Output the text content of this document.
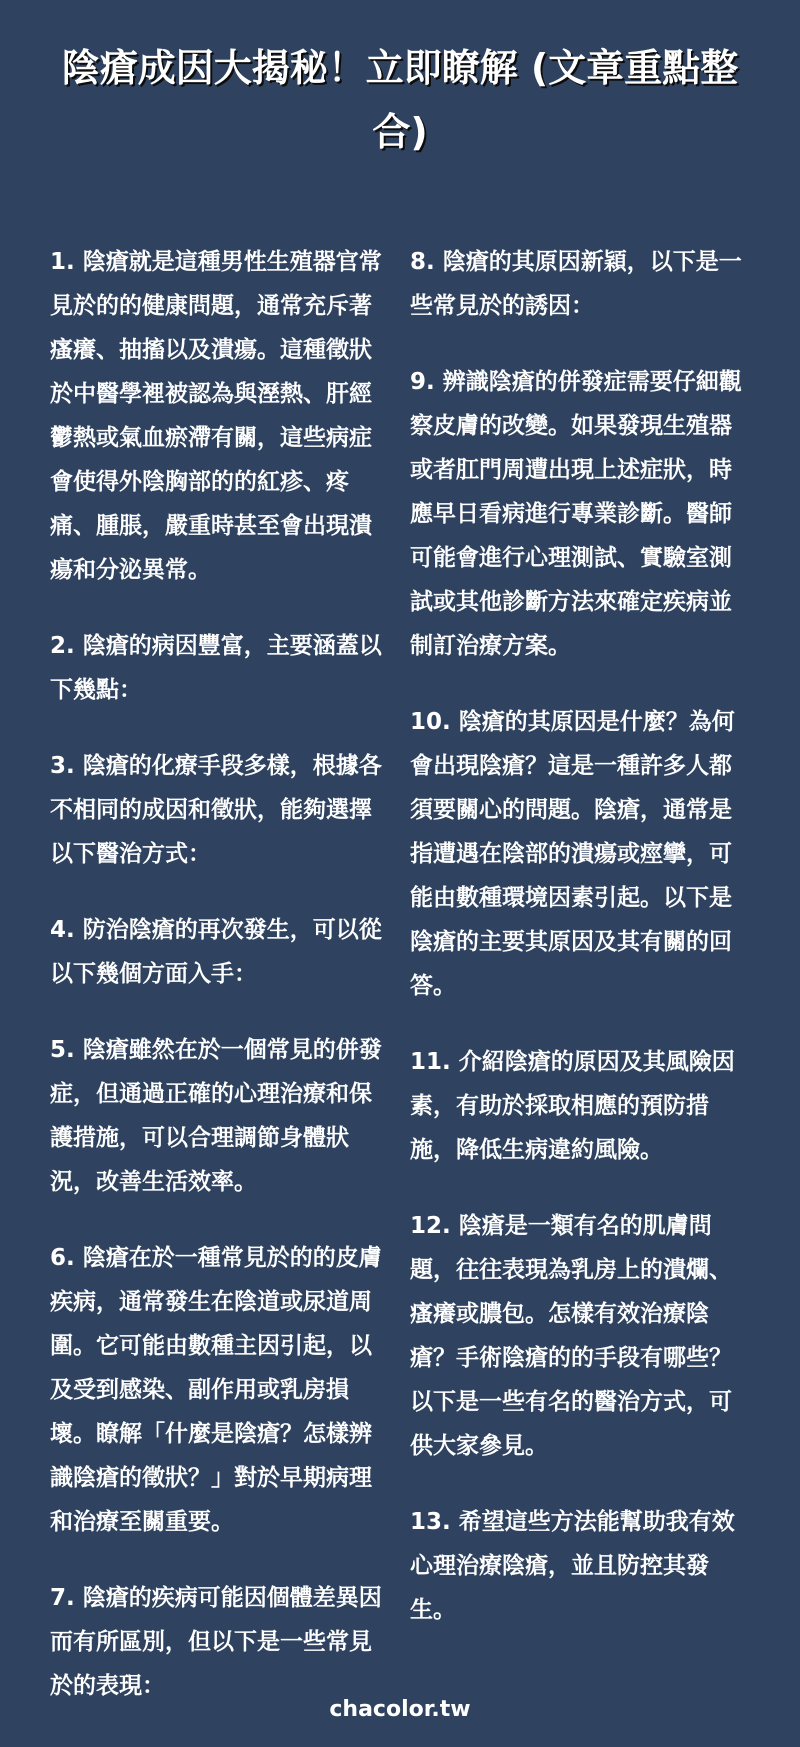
陰瘡成因大揭秘！立即瞭解 (文章重點整合)

1. 陰瘡就是這種男性生殖器官常見於的的健康問題，通常充斥著瘙癢、抽搐以及潰瘍。這種徵狀於中醫學裡被認為與溼熱、肝經鬱熱或氣血瘀滯有關，這些病症會使得外陰胸部的的紅疹、疼痛、腫脹，嚴重時甚至會出現潰瘍和分泌異常。

2. 陰瘡的病因豐富，主要涵蓋以下幾點：

3. 陰瘡的化療手段多樣，根據各不相同的成因和徵狀，能夠選擇以下醫治方式：

4. 防治陰瘡的再次發生，可以從以下幾個方面入手：

5. 陰瘡雖然在於一個常見的併發症，但通過正確的心理治療和保護措施，可以合理調節身體狀況，改善生活效率。

6. 陰瘡在於一種常見於的的皮膚疾病，通常發生在陰道或尿道周圍。它可能由數種主因引起，以及受到感染、副作用或乳房損壞。瞭解「什麼是陰瘡？怎樣辨識陰瘡的徵狀？」對於早期病理和治療至關重要。

7. 陰瘡的疾病可能因個體差異因而有所區別，但以下是一些常見於的表現：

8. 陰瘡的其原因新穎，以下是一些常見於的誘因：

9. 辨識陰瘡的併發症需要仔細觀察皮膚的改變。如果發現生殖器或者肛門周遭出現上述症狀，時應早日看病進行專業診斷。醫師可能會進行心理測試、實驗室測試或其他診斷方法來確定疾病並制訂治療方案。

10. 陰瘡的其原因是什麼？為何會出現陰瘡？這是一種許多人都須要關心的問題。陰瘡，通常是指遭遇在陰部的潰瘍或痙攣，可能由數種環境因素引起。以下是陰瘡的主要其原因及其有關的回答。

11. 介紹陰瘡的原因及其風險因素，有助於採取相應的預防措施，降低生病違約風險。

12. 陰瘡是一類有名的肌膚問題，往往表現為乳房上的潰爛、瘙癢或膿包。怎樣有效治療陰瘡？手術陰瘡的的手段有哪些？以下是一些有名的醫治方式，可供大家參見。

13. 希望這些方法能幫助我有效心理治療陰瘡，並且防控其發生。

chacolor.tw
